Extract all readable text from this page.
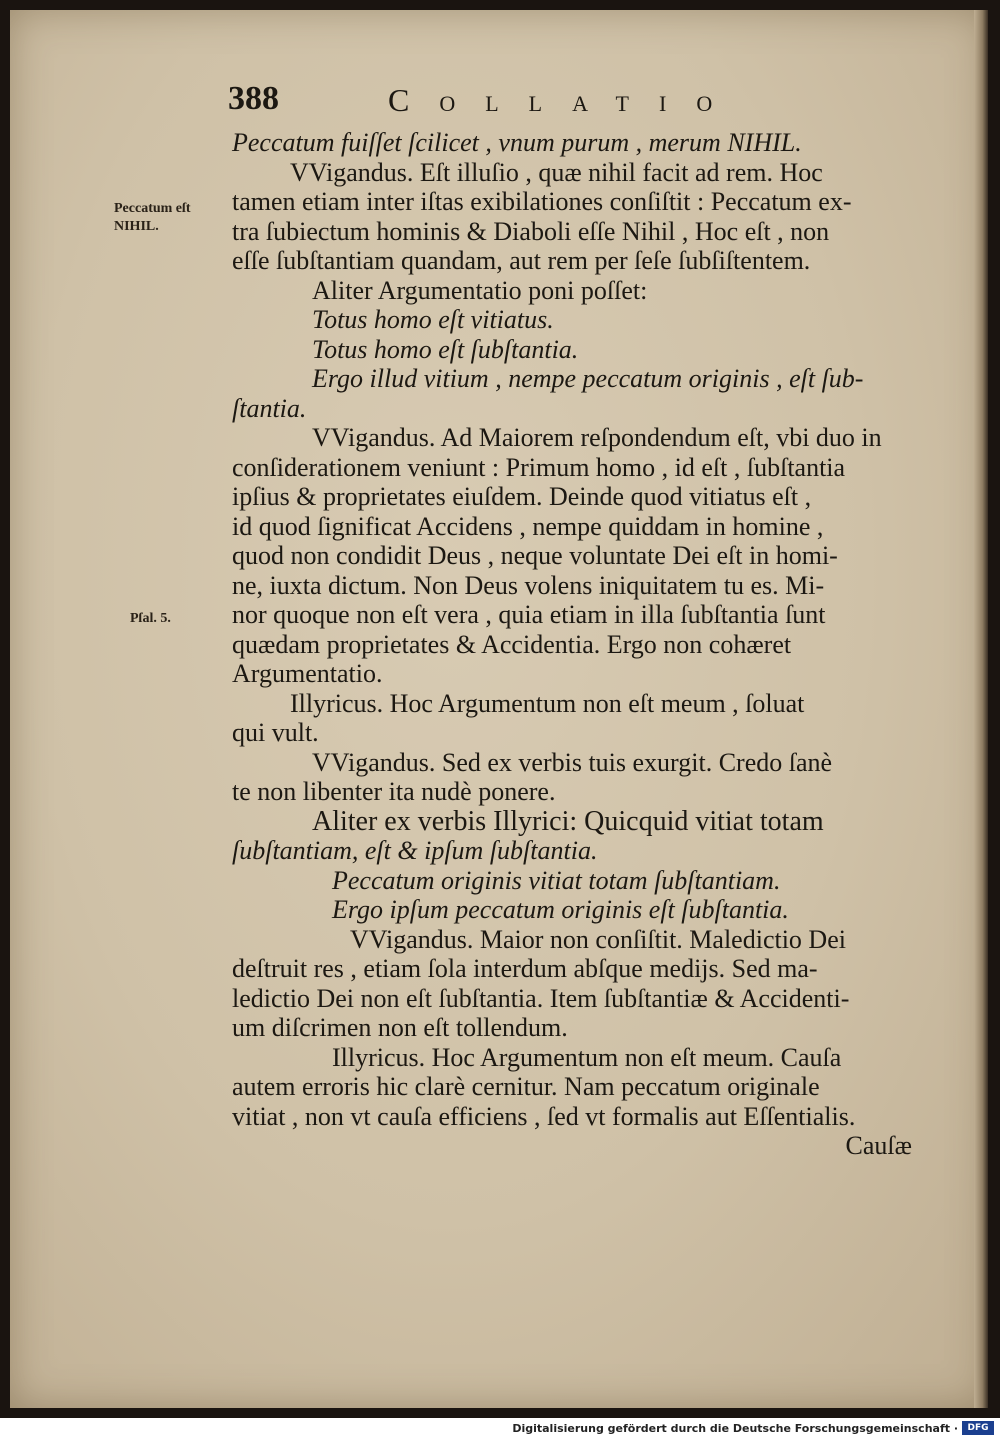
388	Collatio
Peccatum eſt NIHIL.
Pſal. 5.
Peccatum fuiſſet ſcilicet , vnum purum , merum NIHIL.
VVigandus. Eſt illuſio , quæ nihil facit ad rem. Hoc
tamen etiam inter iſtas exibilationes conſiſtit : Peccatum ex-
tra ſubiectum hominis & Diaboli eſſe Nihil , Hoc eſt , non
eſſe ſubſtantiam quandam, aut rem per ſeſe ſubſiſtentem.
Aliter Argumentatio poni poſſet:
Totus homo eſt vitiatus.
Totus homo eſt ſubſtantia.
Ergo illud vitium , nempe peccatum originis , eſt ſub-
ſtantia.
VVigandus. Ad Maiorem reſpondendum eſt, vbi duo in
conſiderationem veniunt : Primum homo , id eſt , ſubſtantia
ipſius & proprietates eiuſdem. Deinde quod vitiatus eſt ,
id quod ſignificat Accidens , nempe quiddam in homine ,
quod non condidit Deus , neque voluntate Dei eſt in homi-
ne, iuxta dictum. Non Deus volens iniquitatem tu es. Mi-
nor quoque non eſt vera , quia etiam in illa ſubſtantia ſunt
quædam proprietates & Accidentia. Ergo non cohæret
Argumentatio.
Illyricus. Hoc Argumentum non eſt meum , ſoluat
qui vult.
VVigandus. Sed ex verbis tuis exurgit. Credo ſanè
te non libenter ita nudè ponere.
Aliter ex verbis Illyrici: Quicquid vitiat totam
ſubſtantiam, eſt & ipſum ſubſtantia.
Peccatum originis vitiat totam ſubſtantiam.
Ergo ipſum peccatum originis eſt ſubſtantia.
VVigandus. Maior non conſiſtit. Maledictio Dei
deſtruit res , etiam ſola interdum abſque medijs. Sed ma-
ledictio Dei non eſt ſubſtantia. Item ſubſtantiæ & Accidenti-
um diſcrimen non eſt tollendum.
Illyricus. Hoc Argumentum non eſt meum. Cauſa
autem erroris hic clarè cernitur. Nam peccatum originale
vitiat , non vt cauſa efficiens , ſed vt formalis aut Eſſentialis.
Cauſæ
Digitalisierung gefördert durch die Deutsche Forschungsgemeinschaft ·	DFG
